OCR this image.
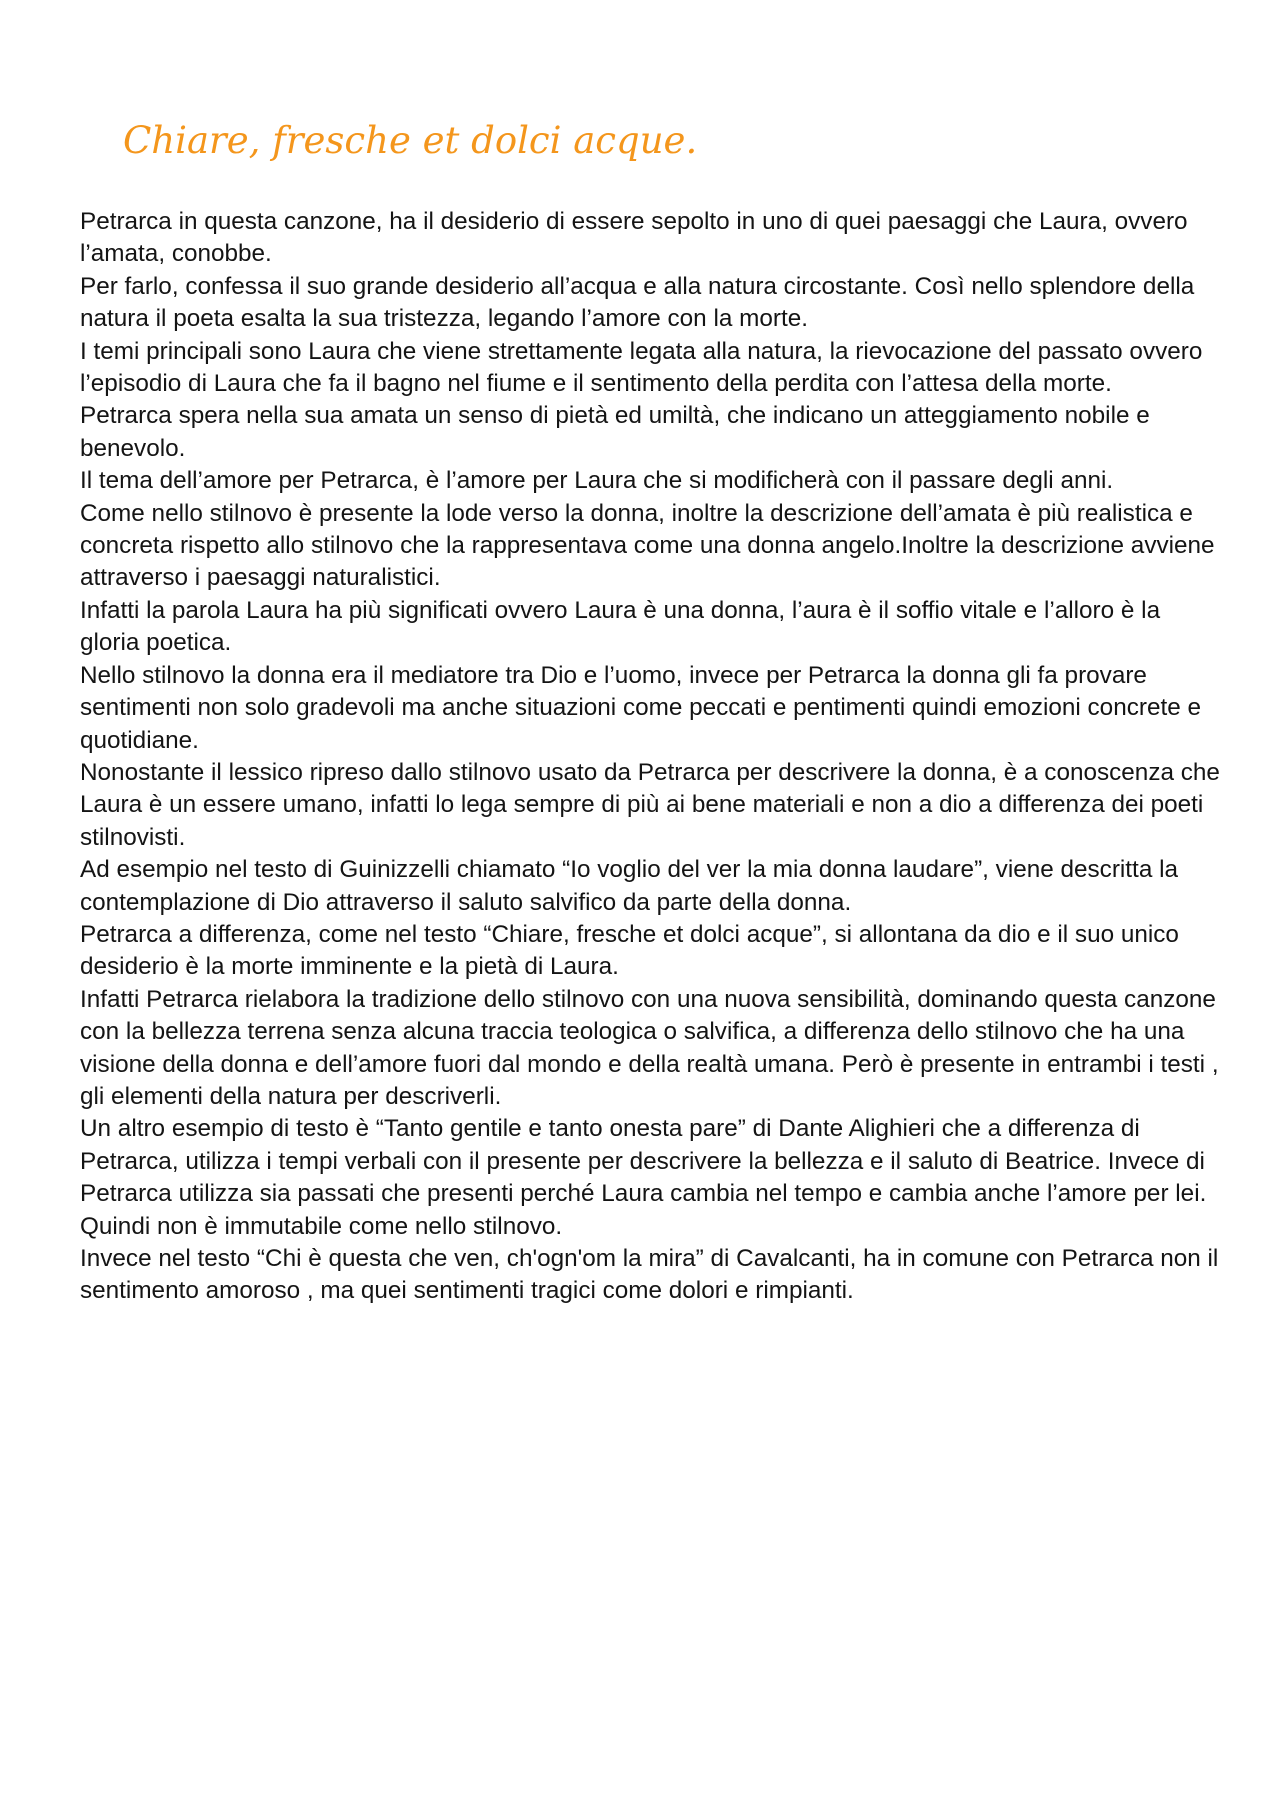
Chiare, fresche et dolci acque.

Petrarca in questa canzone, ha il desiderio di essere sepolto in uno di quei paesaggi che Laura, ovvero l’amata, conobbe.

Per farlo, confessa il suo grande desiderio all’acqua e alla natura circostante. Così nello splendore della natura il poeta esalta la sua tristezza, legando l’amore con la morte.

I temi principali sono Laura che viene strettamente legata alla natura, la rievocazione del passato ovvero l’episodio di Laura che fa il bagno nel fiume e il sentimento della perdita con l’attesa della morte.

Petrarca spera nella sua amata un senso di pietà ed umiltà, che indicano un atteggiamento nobile e benevolo.

Il tema dell’amore per Petrarca, è l’amore per Laura che si modificherà con il passare degli anni.

Come nello stilnovo è presente la lode verso la donna, inoltre la descrizione dell’amata è più realistica e concreta rispetto allo stilnovo che la rappresentava come una donna angelo.Inoltre la descrizione avviene attraverso i paesaggi naturalistici.

Infatti la parola Laura ha più significati ovvero Laura è una donna, l’aura è il soffio vitale e l’alloro è la gloria poetica.

Nello stilnovo la donna era il mediatore tra Dio e l’uomo, invece per Petrarca la donna gli fa provare sentimenti non solo gradevoli ma anche situazioni come peccati e pentimenti quindi emozioni concrete e quotidiane.

Nonostante il lessico ripreso dallo stilnovo usato da Petrarca per descrivere la donna, è a conoscenza che Laura è un essere umano, infatti lo lega sempre di più ai bene materiali e non a dio a differenza dei poeti stilnovisti.

Ad esempio nel testo di Guinizzelli chiamato “Io voglio del ver la mia donna laudare”, viene descritta la contemplazione di Dio attraverso il saluto salvifico da parte della donna.

Petrarca a differenza, come nel testo “Chiare, fresche et dolci acque”, si allontana da dio e il suo unico desiderio è la morte imminente e la pietà di Laura.

Infatti Petrarca rielabora la tradizione dello stilnovo con una nuova sensibilità, dominando questa canzone con la bellezza terrena senza alcuna traccia teologica o salvifica, a differenza dello stilnovo che ha una visione della donna e dell’amore fuori dal mondo e della realtà umana. Però è presente in entrambi i testi , gli elementi della natura per descriverli.

Un altro esempio di testo è “Tanto gentile e tanto onesta pare” di Dante Alighieri che a differenza di Petrarca, utilizza i tempi verbali con il presente per descrivere la bellezza e il saluto di Beatrice. Invece di Petrarca utilizza sia passati che presenti perché Laura cambia nel tempo e cambia anche l’amore per lei. Quindi non è immutabile come nello stilnovo.

Invece nel testo “Chi è questa che ven, ch'ogn'om la mira” di Cavalcanti, ha in comune con Petrarca non il sentimento amoroso , ma quei sentimenti tragici come dolori e rimpianti.
